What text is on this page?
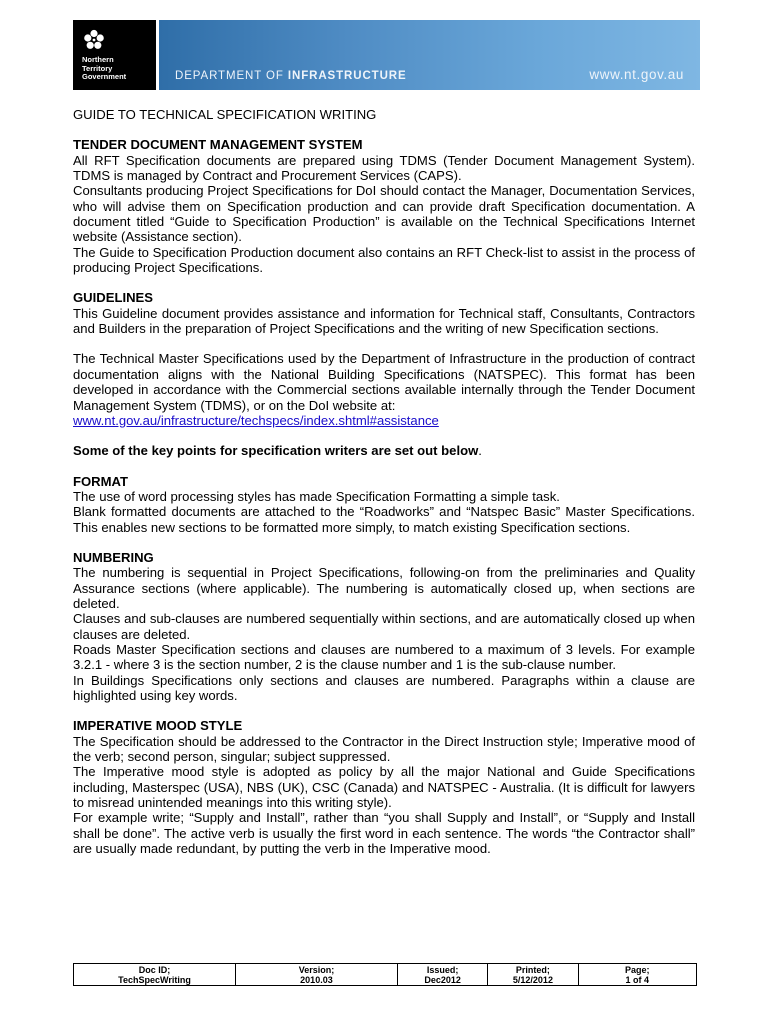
Northern
Territory
Government	DEPARTMENT OF INFRASTRUCTURE	www.nt.gov.au

GUIDE TO TECHNICAL SPECIFICATION WRITING

TENDER DOCUMENT MANAGEMENT SYSTEM

All RFT Specification documents are prepared using TDMS (Tender Document Management System). TDMS is managed by Contract and Procurement Services (CAPS).

Consultants producing Project Specifications for DoI should contact the Manager, Documentation Services, who will advise them on Specification production and can provide draft Specification documentation. A document titled “Guide to Specification Production” is available on the Technical Specifications Internet website (Assistance section).

The Guide to Specification Production document also contains an RFT Check-list to assist in the process of producing Project Specifications.

GUIDELINES

This Guideline document provides assistance and information for Technical staff, Consultants, Contractors and Builders in the preparation of Project Specifications and the writing of new Specification sections.

The Technical Master Specifications used by the Department of Infrastructure in the production of contract documentation aligns with the National Building Specifications (NATSPEC). This format has been developed in accordance with the Commercial sections available internally through the Tender Document Management System (TDMS), or on the DoI website at:

www.nt.gov.au/infrastructure/techspecs/index.shtml#assistance

Some of the key points for specification writers are set out below.

FORMAT

The use of word processing styles has made Specification Formatting a simple task.

Blank formatted documents are attached to the “Roadworks” and “Natspec Basic” Master Specifications. This enables new sections to be formatted more simply, to match existing Specification sections.

NUMBERING

The numbering is sequential in Project Specifications, following-on from the preliminaries and Quality Assurance sections (where applicable). The numbering is automatically closed up, when sections are deleted.

Clauses and sub-clauses are numbered sequentially within sections, and are automatically closed up when clauses are deleted.

Roads Master Specification sections and clauses are numbered to a maximum of 3 levels. For example 3.2.1 - where 3 is the section number, 2 is the clause number and 1 is the sub-clause number.

In Buildings Specifications only sections and clauses are numbered. Paragraphs within a clause are highlighted using key words.

IMPERATIVE MOOD STYLE

The Specification should be addressed to the Contractor in the Direct Instruction style; Imperative mood of the verb; second person, singular; subject suppressed.

The Imperative mood style is adopted as policy by all the major National and Guide Specifications including, Masterspec (USA), NBS (UK), CSC (Canada) and NATSPEC - Australia. (It is difficult for lawyers to misread unintended meanings into this writing style).

For example write; “Supply and Install”, rather than “you shall Supply and Install”, or “Supply and Install shall be done”. The active verb is usually the first word in each sentence. The words “the Contractor shall” are usually made redundant, by putting the verb in the Imperative mood.

Doc ID;
TechSpecWriting

Version;
2010.03

Issued;
Dec2012

Printed;
5/12/2012

Page;
1 of 4
